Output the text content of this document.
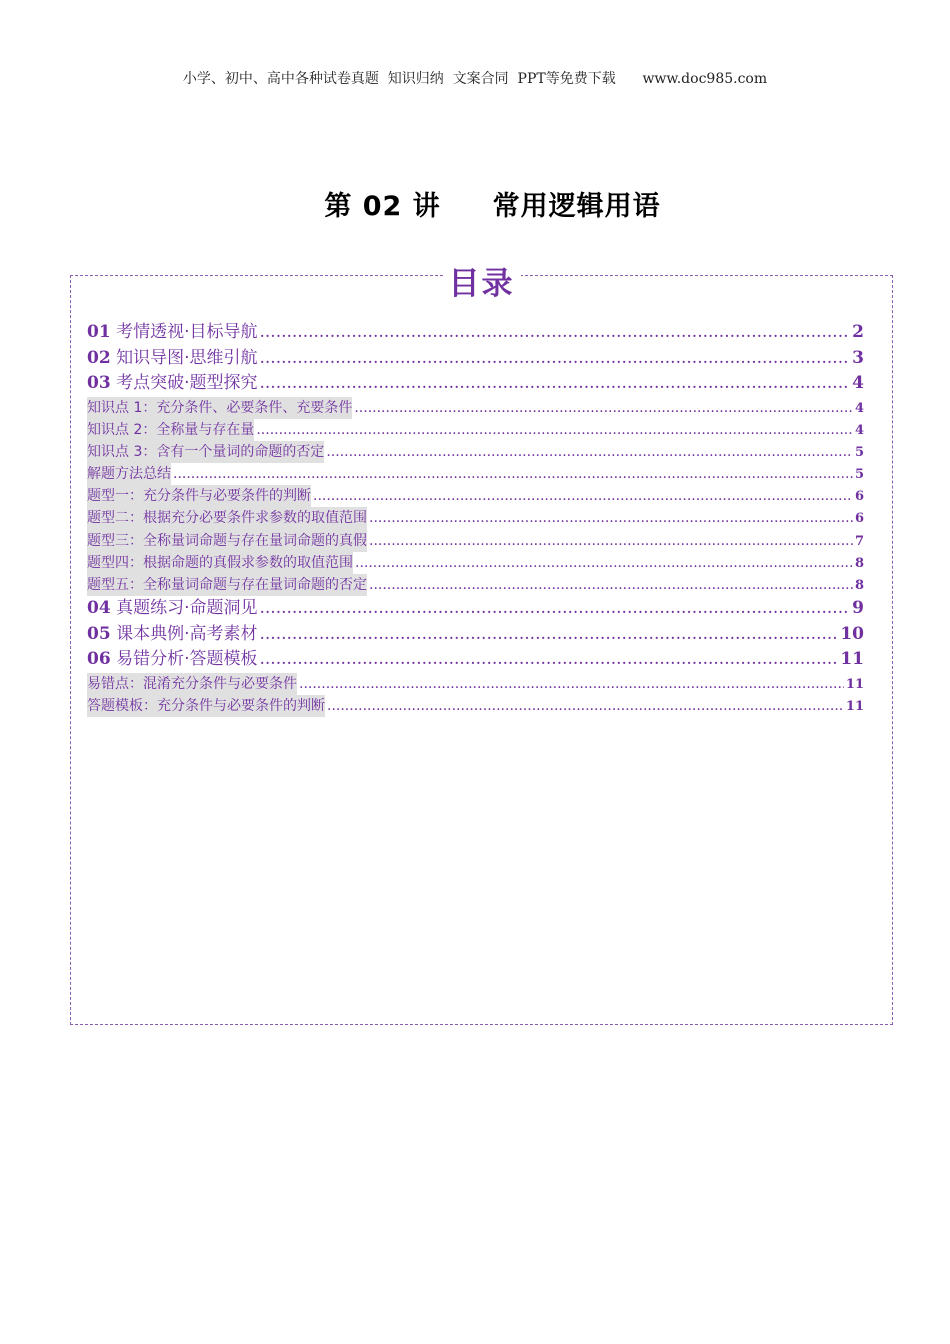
小学、初中、高中各种试卷真题  知识归纳  文案合同  PPT等免费下载      www.doc985.com
第 02 讲     常用逻辑用语
目录
01 考情透视·目标导航 .....	2
02 知识导图·思维引航 .....	3
03 考点突破·题型探究 .....	4
知识点 1：充分条件、必要条件、充要条件 .....	4
知识点 2：全称量与存在量 .....	4
知识点 3：含有一个量词的命题的否定 .....	5
解题方法总结 .....	5
题型一：充分条件与必要条件的判断 .....	6
题型二：根据充分必要条件求参数的取值范围 .....	6
题型三：全称量词命题与存在量词命题的真假 .....	7
题型四：根据命题的真假求参数的取值范围 .....	8
题型五：全称量词命题与存在量词命题的否定 .....	8
04 真题练习·命题洞见 .....	9
05 课本典例·高考素材 .....	10
06 易错分析·答题模板 .....	11
易错点：混淆充分条件与必要条件 .....	11
答题模板：充分条件与必要条件的判断 .....	11
